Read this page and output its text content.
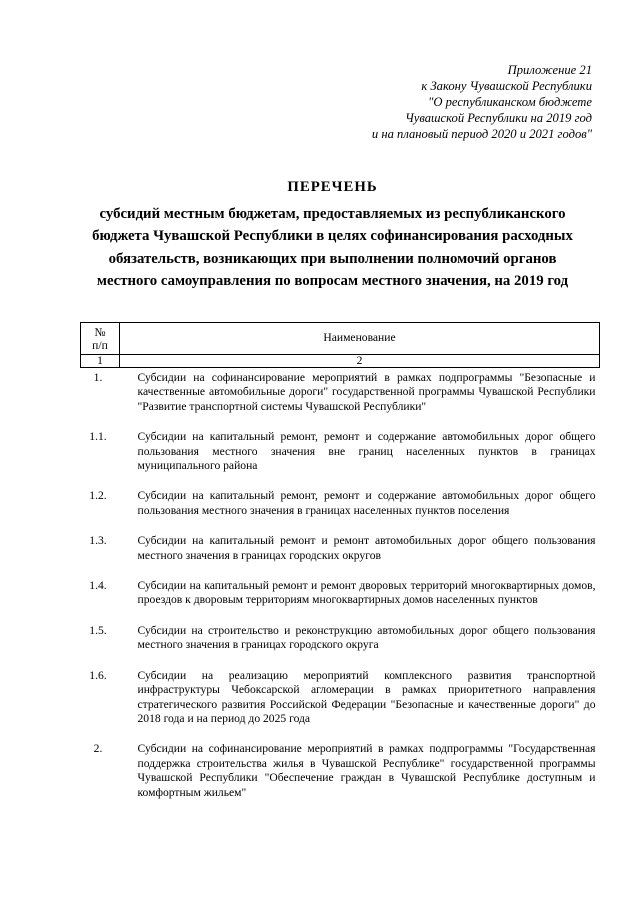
Приложение 21
к Закону Чувашской Республики
"О республиканском бюджете
Чувашской Республики на 2019 год
и на плановый период 2020 и 2021 годов"
ПЕРЕЧЕНЬ
субсидий местным бюджетам, предоставляемых из республиканского
бюджета Чувашской Республики в целях софинансирования расходных
обязательств, возникающих при выполнении полномочий органов
местного самоуправления по вопросам местного значения, на 2019 год
№
п/п	Наименование
1	2
1.	Субсидии на софинансирование мероприятий в рамках подпрограммы "Безопасные и качественные автомобильные дороги" государственной программы Чувашской Республики "Развитие транспортной системы Чувашской Республики"
1.1.	Субсидии на капитальный ремонт, ремонт и содержание автомобильных дорог общего пользования местного значения вне границ населенных пунктов в границах муниципального района
1.2.	Субсидии на капитальный ремонт, ремонт и содержание автомобильных дорог общего пользования местного значения в границах населенных пунктов поселения
1.3.	Субсидии на капитальный ремонт и ремонт автомобильных дорог общего пользования местного значения в границах городских округов
1.4.	Субсидии на капитальный ремонт и ремонт дворовых территорий многоквартирных домов, проездов к дворовым территориям многоквартирных домов населенных пунктов
1.5.	Субсидии на строительство и реконструкцию автомобильных дорог общего пользования местного значения в границах городского округа
1.6.	Субсидии на реализацию мероприятий комплексного развития транспортной инфраструктуры Чебоксарской агломерации в рамках приоритетного направления стратегического развития Российской Федерации "Безопасные и качественные дороги" до 2018 года и на период до 2025 года
2.	Субсидии на софинансирование мероприятий в рамках подпрограммы "Государственная поддержка строительства жилья в Чувашской Республике" государственной программы Чувашской Республики "Обеспечение граждан в Чувашской Республике доступным и комфортным жильем"
